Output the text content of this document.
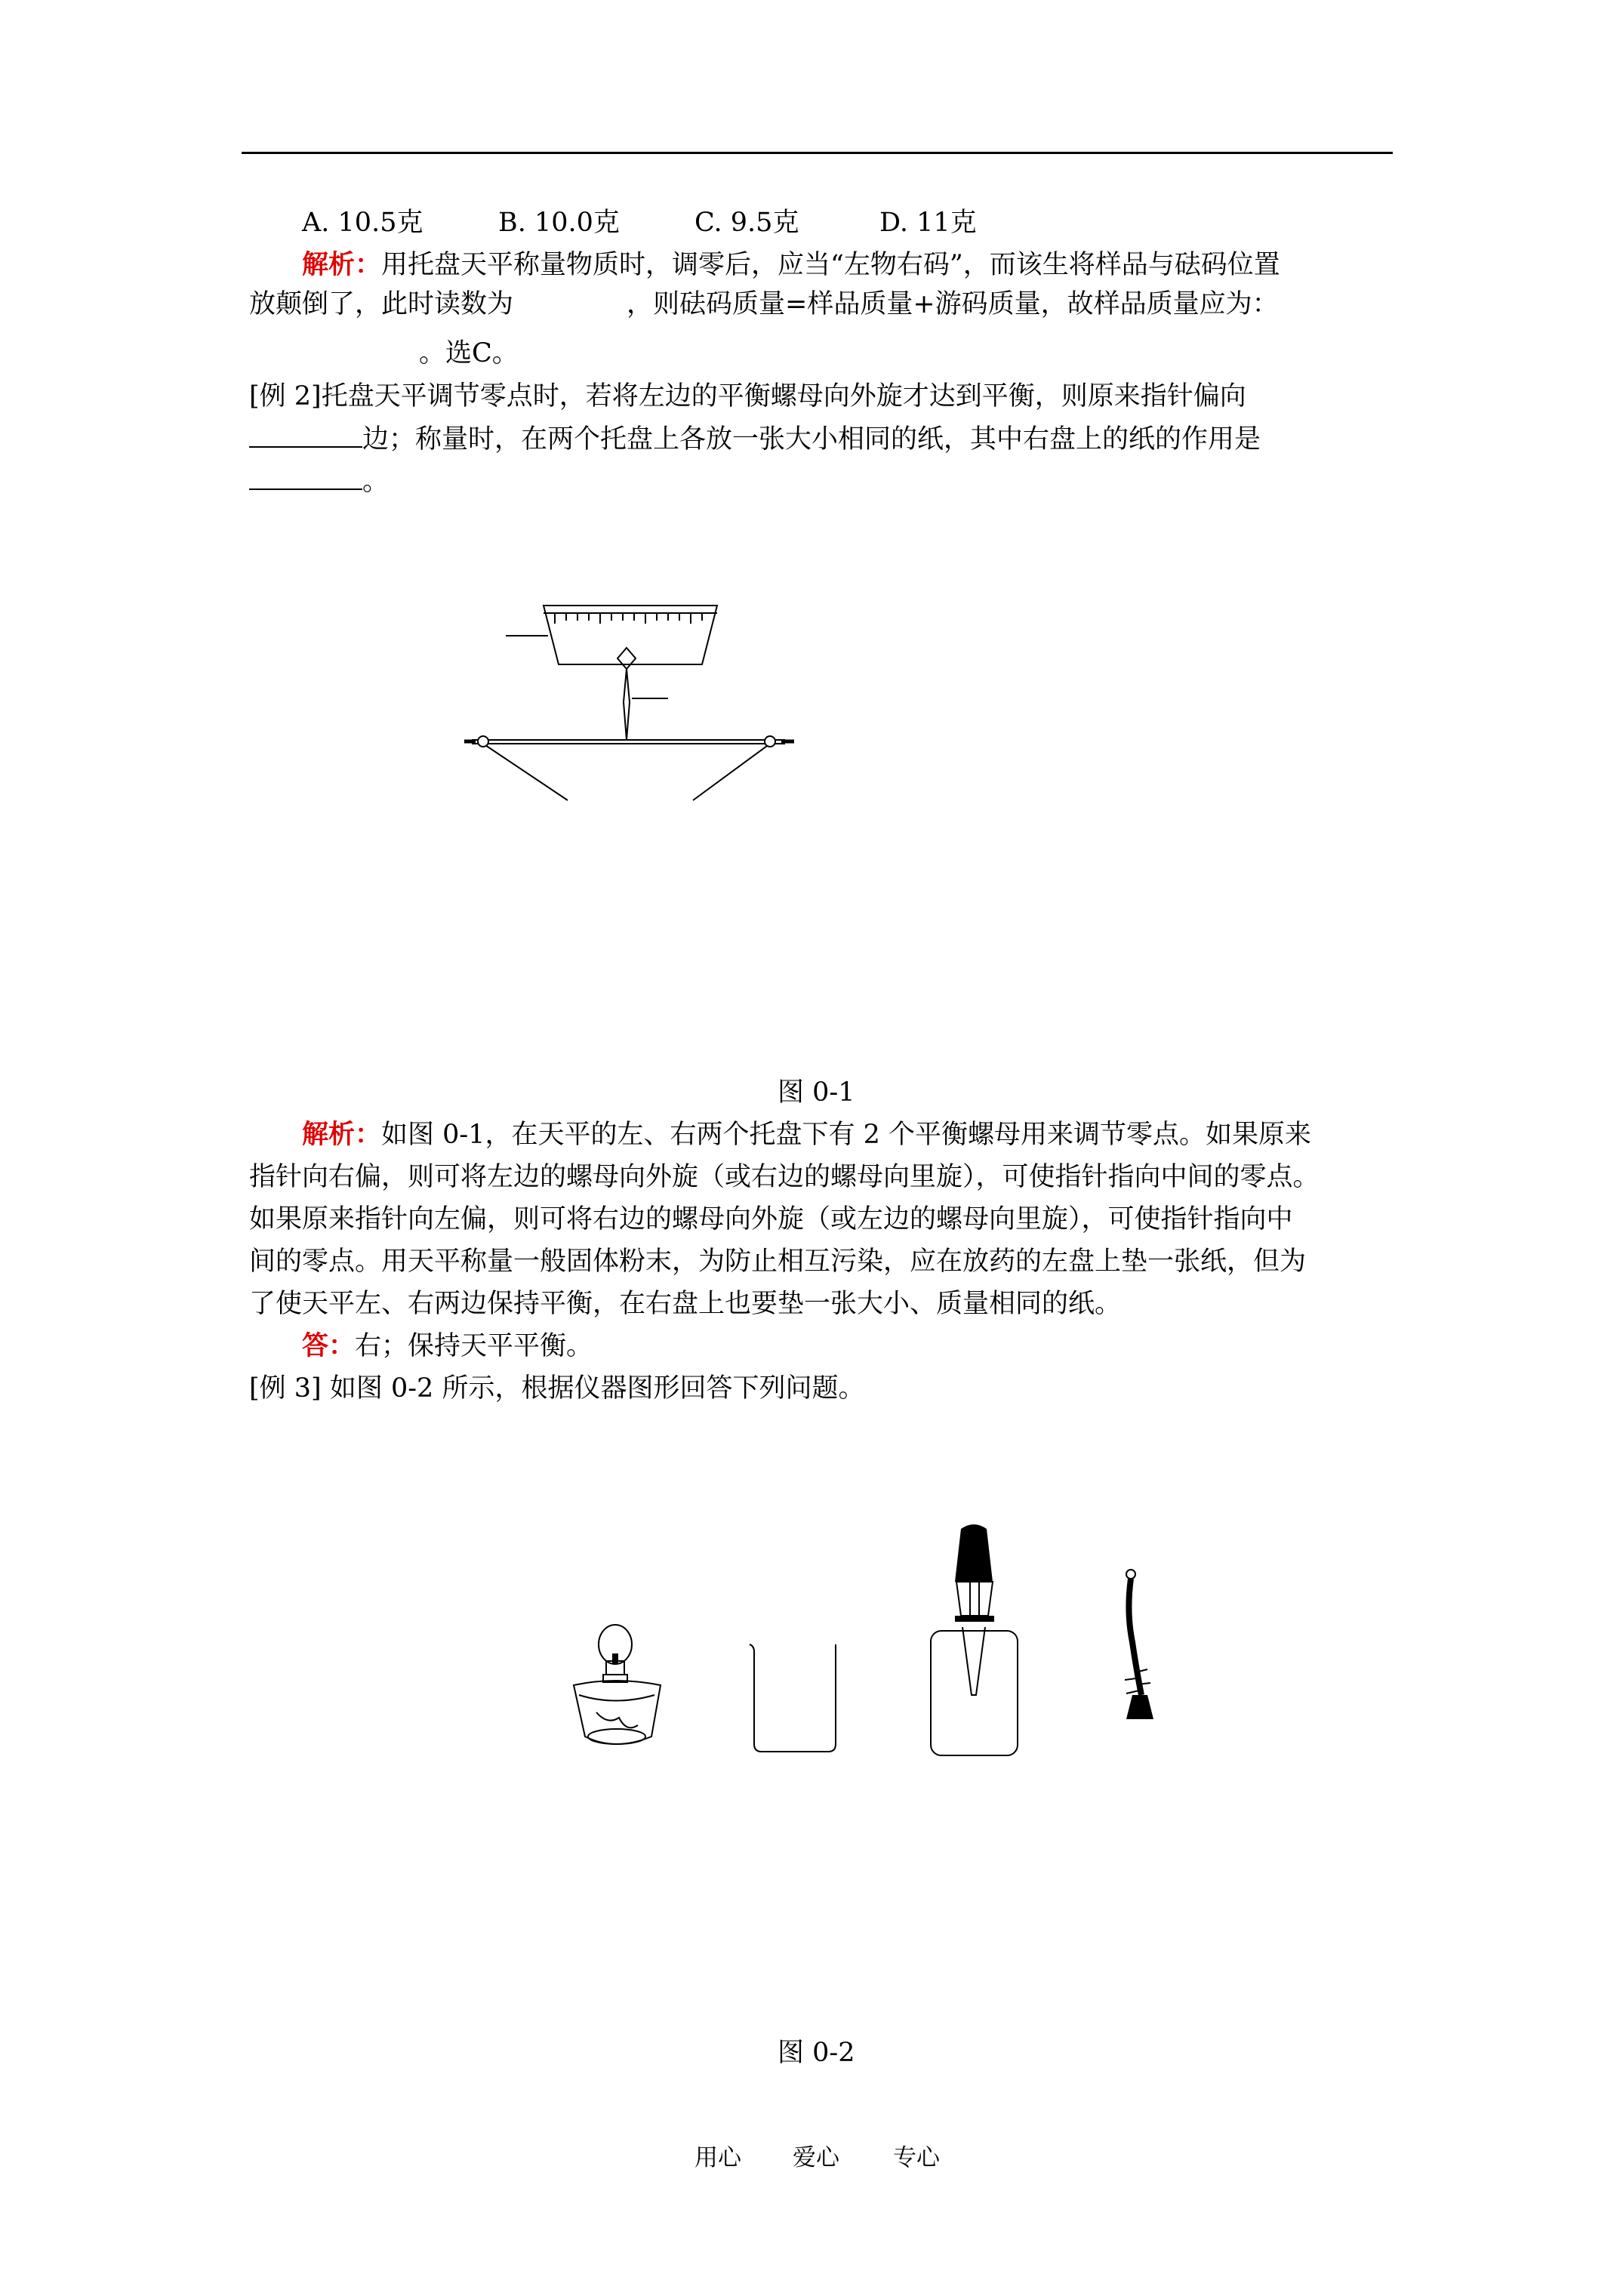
A. 10.5克	B. 10.0克	C. 9.5克	D. 11克
解析：用托盘天平称量物质时，调零后，应当“左物右码”，而该生将样品与砝码位置
放颠倒了，此时读数为	，则砝码质量=样品质量+游码质量，故样品质量应为：
。选C。
[例 2]托盘天平调节零点时，若将左边的平衡螺母向外旋才达到平衡，则原来指针偏向
边；称量时，在两个托盘上各放一张大小相同的纸，其中右盘上的纸的作用是
。
图 0-1
解析：如图 0-1，在天平的左、右两个托盘下有 2 个平衡螺母用来调节零点。如果原来
指针向右偏，则可将左边的螺母向外旋（或右边的螺母向里旋），可使指针指向中间的零点。
如果原来指针向左偏，则可将右边的螺母向外旋（或左边的螺母向里旋），可使指针指向中
间的零点。用天平称量一般固体粉末，为防止相互污染，应在放药的左盘上垫一张纸，但为
了使天平左、右两边保持平衡，在右盘上也要垫一张大小、质量相同的纸。
答：右；保持天平平衡。
[例 3] 如图 0-2 所示，根据仪器图形回答下列问题。
图 0-2
用心 爱心 专心
